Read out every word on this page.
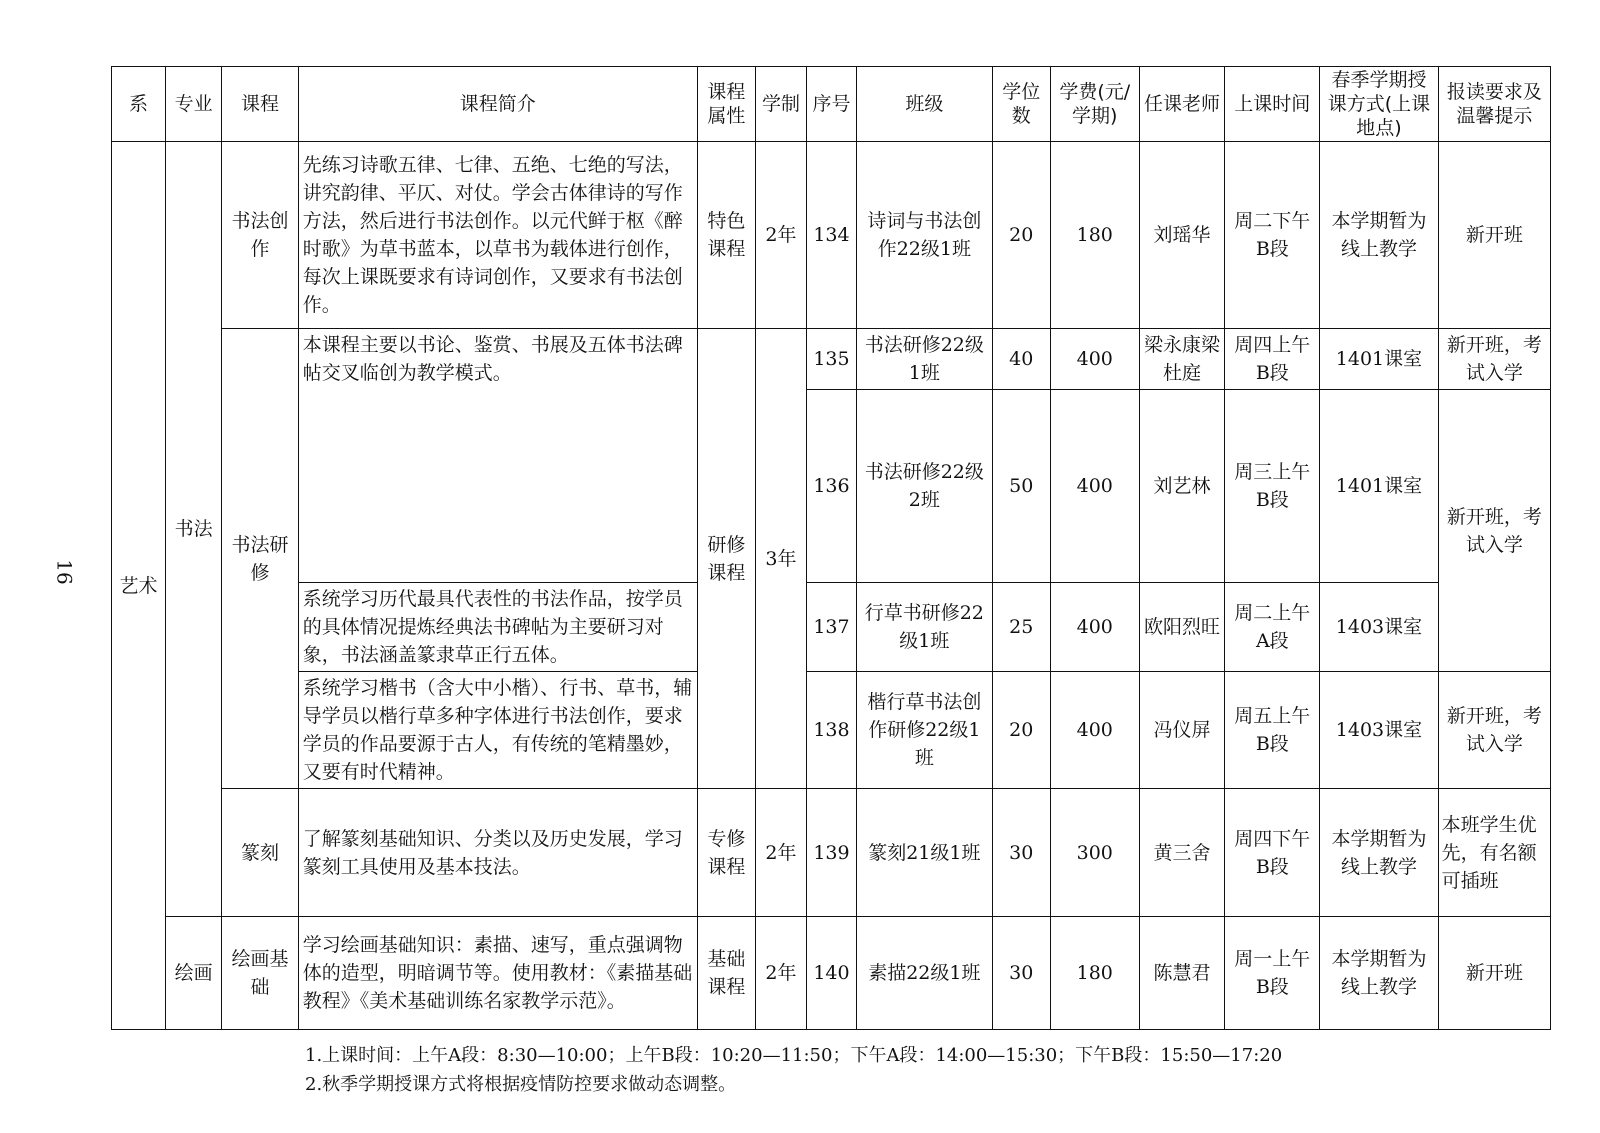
16
系	专业	课程	课程简介	课程属性	学制	序号	班级	学位数	学费(元/学期)	任课老师	上课时间	春季学期授课方式(上课地点)	报读要求及温馨提示
艺术	书法	书法创作	先练习诗歌五律、七律、五绝、七绝的写法，讲究韵律、平仄、对仗。学会古体律诗的写作方法，然后进行书法创作。以元代鲜于枢《醉时歌》为草书蓝本，以草书为载体进行创作，每次上课既要求有诗词创作，又要求有书法创作。	特色课程	2年	134	诗词与书法创作22级1班	20	180	刘瑶华	周二下午B段	本学期暂为线上教学	新开班
		书法研修	本课程主要以书论、鉴赏、书展及五体书法碑帖交叉临创为教学模式。	研修课程	3年	135	书法研修22级1班	40	400	梁永康梁杜庭	周四上午B段	1401课室	新开班，考试入学
						136	书法研修22级2班	50	400	刘艺林	周三上午B段	1401课室	新开班，考试入学
			系统学习历代最具代表性的书法作品，按学员的具体情况提炼经典法书碑帖为主要研习对象，书法涵盖篆隶草正行五体。			137	行草书研修22级1班	25	400	欧阳烈旺	周二上午A段	1403课室	
			系统学习楷书（含大中小楷）、行书、草书，辅导学员以楷行草多种字体进行书法创作，要求学员的作品要源于古人，有传统的笔精墨妙，又要有时代精神。			138	楷行草书法创作研修22级1班	20	400	冯仪屏	周五上午B段	1403课室	新开班，考试入学
		篆刻	了解篆刻基础知识、分类以及历史发展，学习篆刻工具使用及基本技法。	专修课程	2年	139	篆刻21级1班	30	300	黄三舍	周四下午B段	本学期暂为线上教学	本班学生优先，有名额可插班
	绘画	绘画基础	学习绘画基础知识：素描、速写，重点强调物体的造型，明暗调节等。使用教材：《素描基础教程》《美术基础训练名家教学示范》。	基础课程	2年	140	素描22级1班	30	180	陈慧君	周一上午B段	本学期暂为线上教学	新开班
1.上课时间：上午A段：8:30—10:00；上午B段：10:20—11:50；下午A段：14:00—15:30；下午B段：15:50—17:20
2.秋季学期授课方式将根据疫情防控要求做动态调整。
